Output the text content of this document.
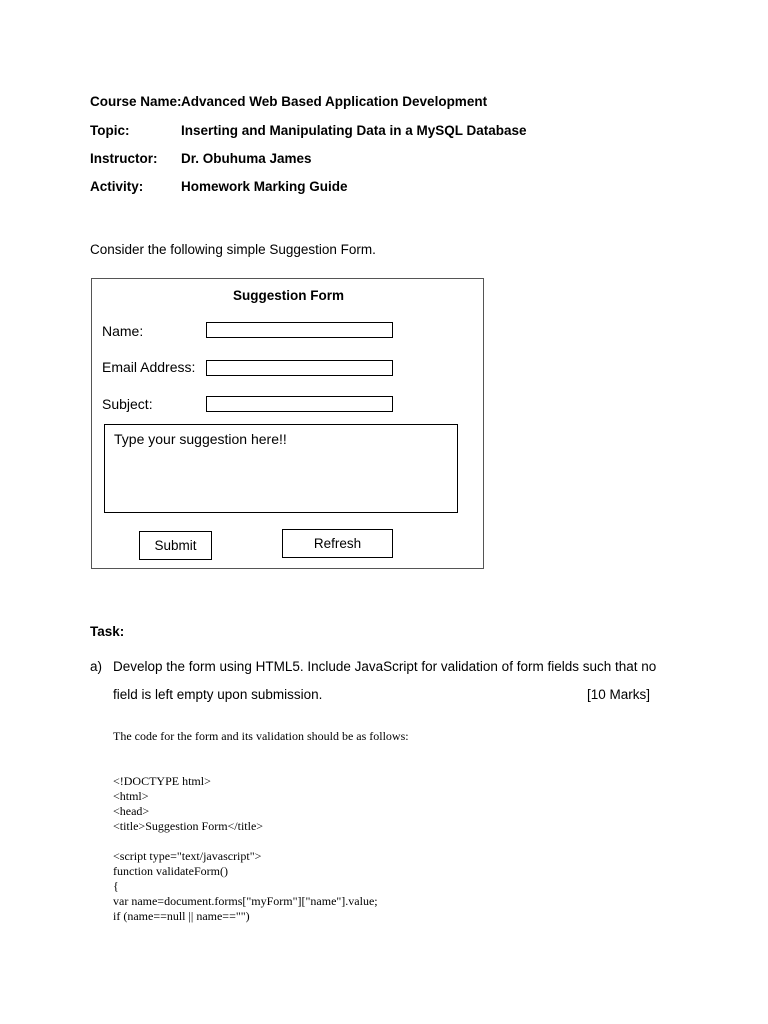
Course Name: Advanced Web Based Application Development
Topic:	Inserting and Manipulating Data in a MySQL Database
Instructor: Dr. Obuhuma James
Activity:	Homework Marking Guide
Consider the following simple Suggestion Form.
Suggestion Form
Name:
Email Address:
Subject:
Type your suggestion here!!
Submit	Refresh
Task:
a) Develop the form using HTML5. Include JavaScript for validation of form fields such that no
field is left empty upon submission.	[10 Marks]
The code for the form and its validation should be as follows:
<!DOCTYPE html>
<html>
<head>
<title>Suggestion Form</title>
<script type="text/javascript">
function validateForm()
{
var name=document.forms["myForm"]["name"].value;
if (name==null || name=="")
